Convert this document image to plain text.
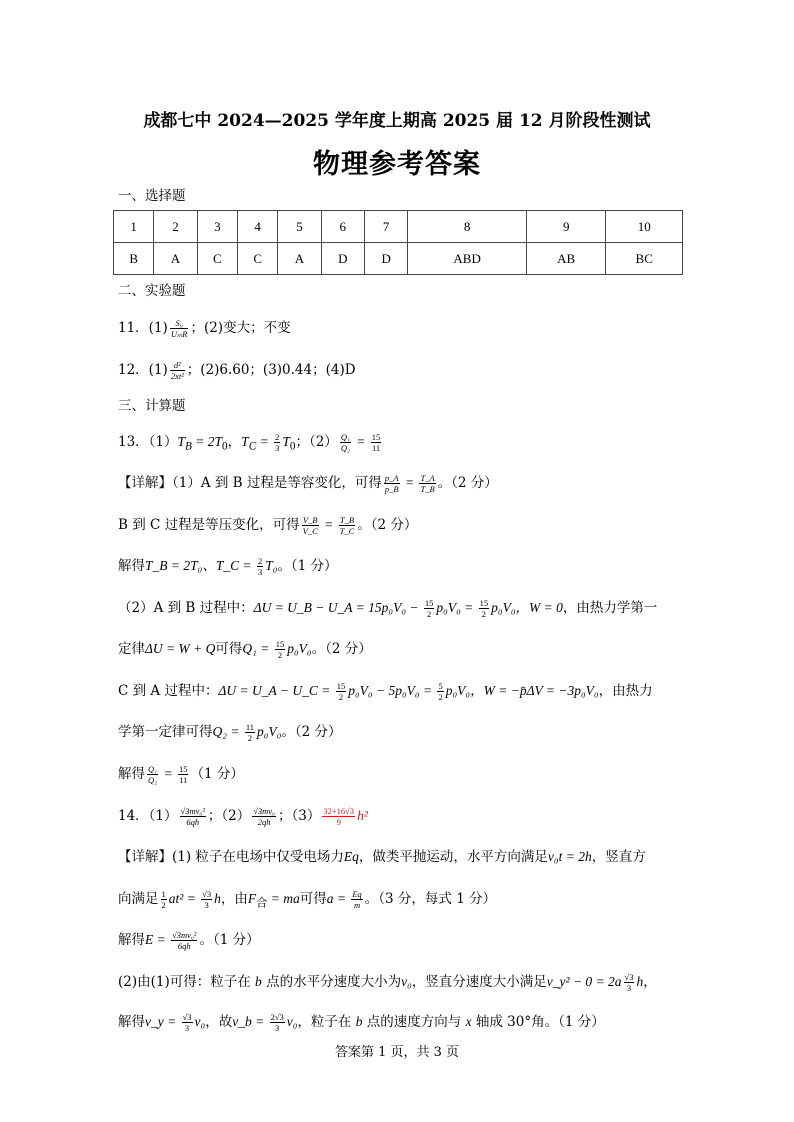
成都七中 2024—2025 学年度上期高 2025 届 12 月阶段性测试
物理参考答案
一、选择题
1	2	3	4	5	6	7	8	9	10
B	A	C	C	A	D	D	ABD	AB	BC
二、实验题
11．$(1) \frac{\text{S₀}}{\text{UₘR}}$ ；(2)变大；不变
12．$(1) \frac{\text{d²}}{\text{2xt²}}$ ；(2)6.60；(3)0.44；(4)D
三、计算题
13．$(1)T_B = 2T_0$，$T_C = \frac{2}{3} T_0$；$(2) \frac{\text{Q₁}}{\text{Q₂}} = \frac{15}{11}$
【详解】（1）A 到 B 过程是等容变化，可得 $\frac{p\_A}{p\_B} = \frac{T\_A}{T\_B}$ 。（2 分）
B 到 C 过程是等压变化，可得 $\frac{V\_B}{V\_C} = \frac{T\_B}{T\_C}$ 。（2 分）
解得T_B = 2T₀、T_C = $\frac{2}{3} T_0$。（1 分）
（2）A 到 B 过程中：ΔU = U_B − U_A = $15p_0V_0 - \frac{15}{2} p_0V_0 = \frac{15}{2} p_0V_0$，W = 0，由热力学第一
定律ΔU = W + Q可得$Q_1 = \frac{15}{2} p_0V_0$。（2 分）
C 到 A 过程中：ΔU = U_A − U_C = $\frac{15}{2} p_0V_0 - 5p_0V_0 = \frac{5}{2} p_0V_0$，W = −p̄ΔV = −3p₀V₀，由热力
学第一定律可得$Q_2 = \frac{11}{2} p_0V_0$。（2 分）
解得 $\frac{\text{Q₁}}{\text{Q₂}} = \frac{15}{11} (1$ 分）
14．$(1) \frac{\text{√3mv₀²}}{6qh}$ ；$(2) \frac{\text{√3mv₀}}{2qh}$ ；$(3) \frac{32+16√3}{9} h^2$
【详解】(1) 粒子在电场中仅受电场力Eq，做类平抛运动，水平方向满足v₀t = 2h，竖直方
向满足 $\frac{1}{2} at^2 = \frac{√3}{3}$ h，由$F_合$ = ma可得$a = \frac{Eq}{m}$ 。（3 分，每式 1 分）
解得$E = \frac{\text{√3mv₀²}}{6qh}$ 。（1 分）
(2)由(1)可得：粒子在 b 点的水平分速度大小为v₀，竖直分速度大小满足v_y² − $0 = 2a \frac{√3}{3}$ h，
解得v_y = $\frac{√3}{3} v_0$，故v_b = $\frac{2√3}{3} v_0$，粒子在 b 点的速度方向与 x 轴成 30°角。（1 分）
答案第 1 页，共 3 页
